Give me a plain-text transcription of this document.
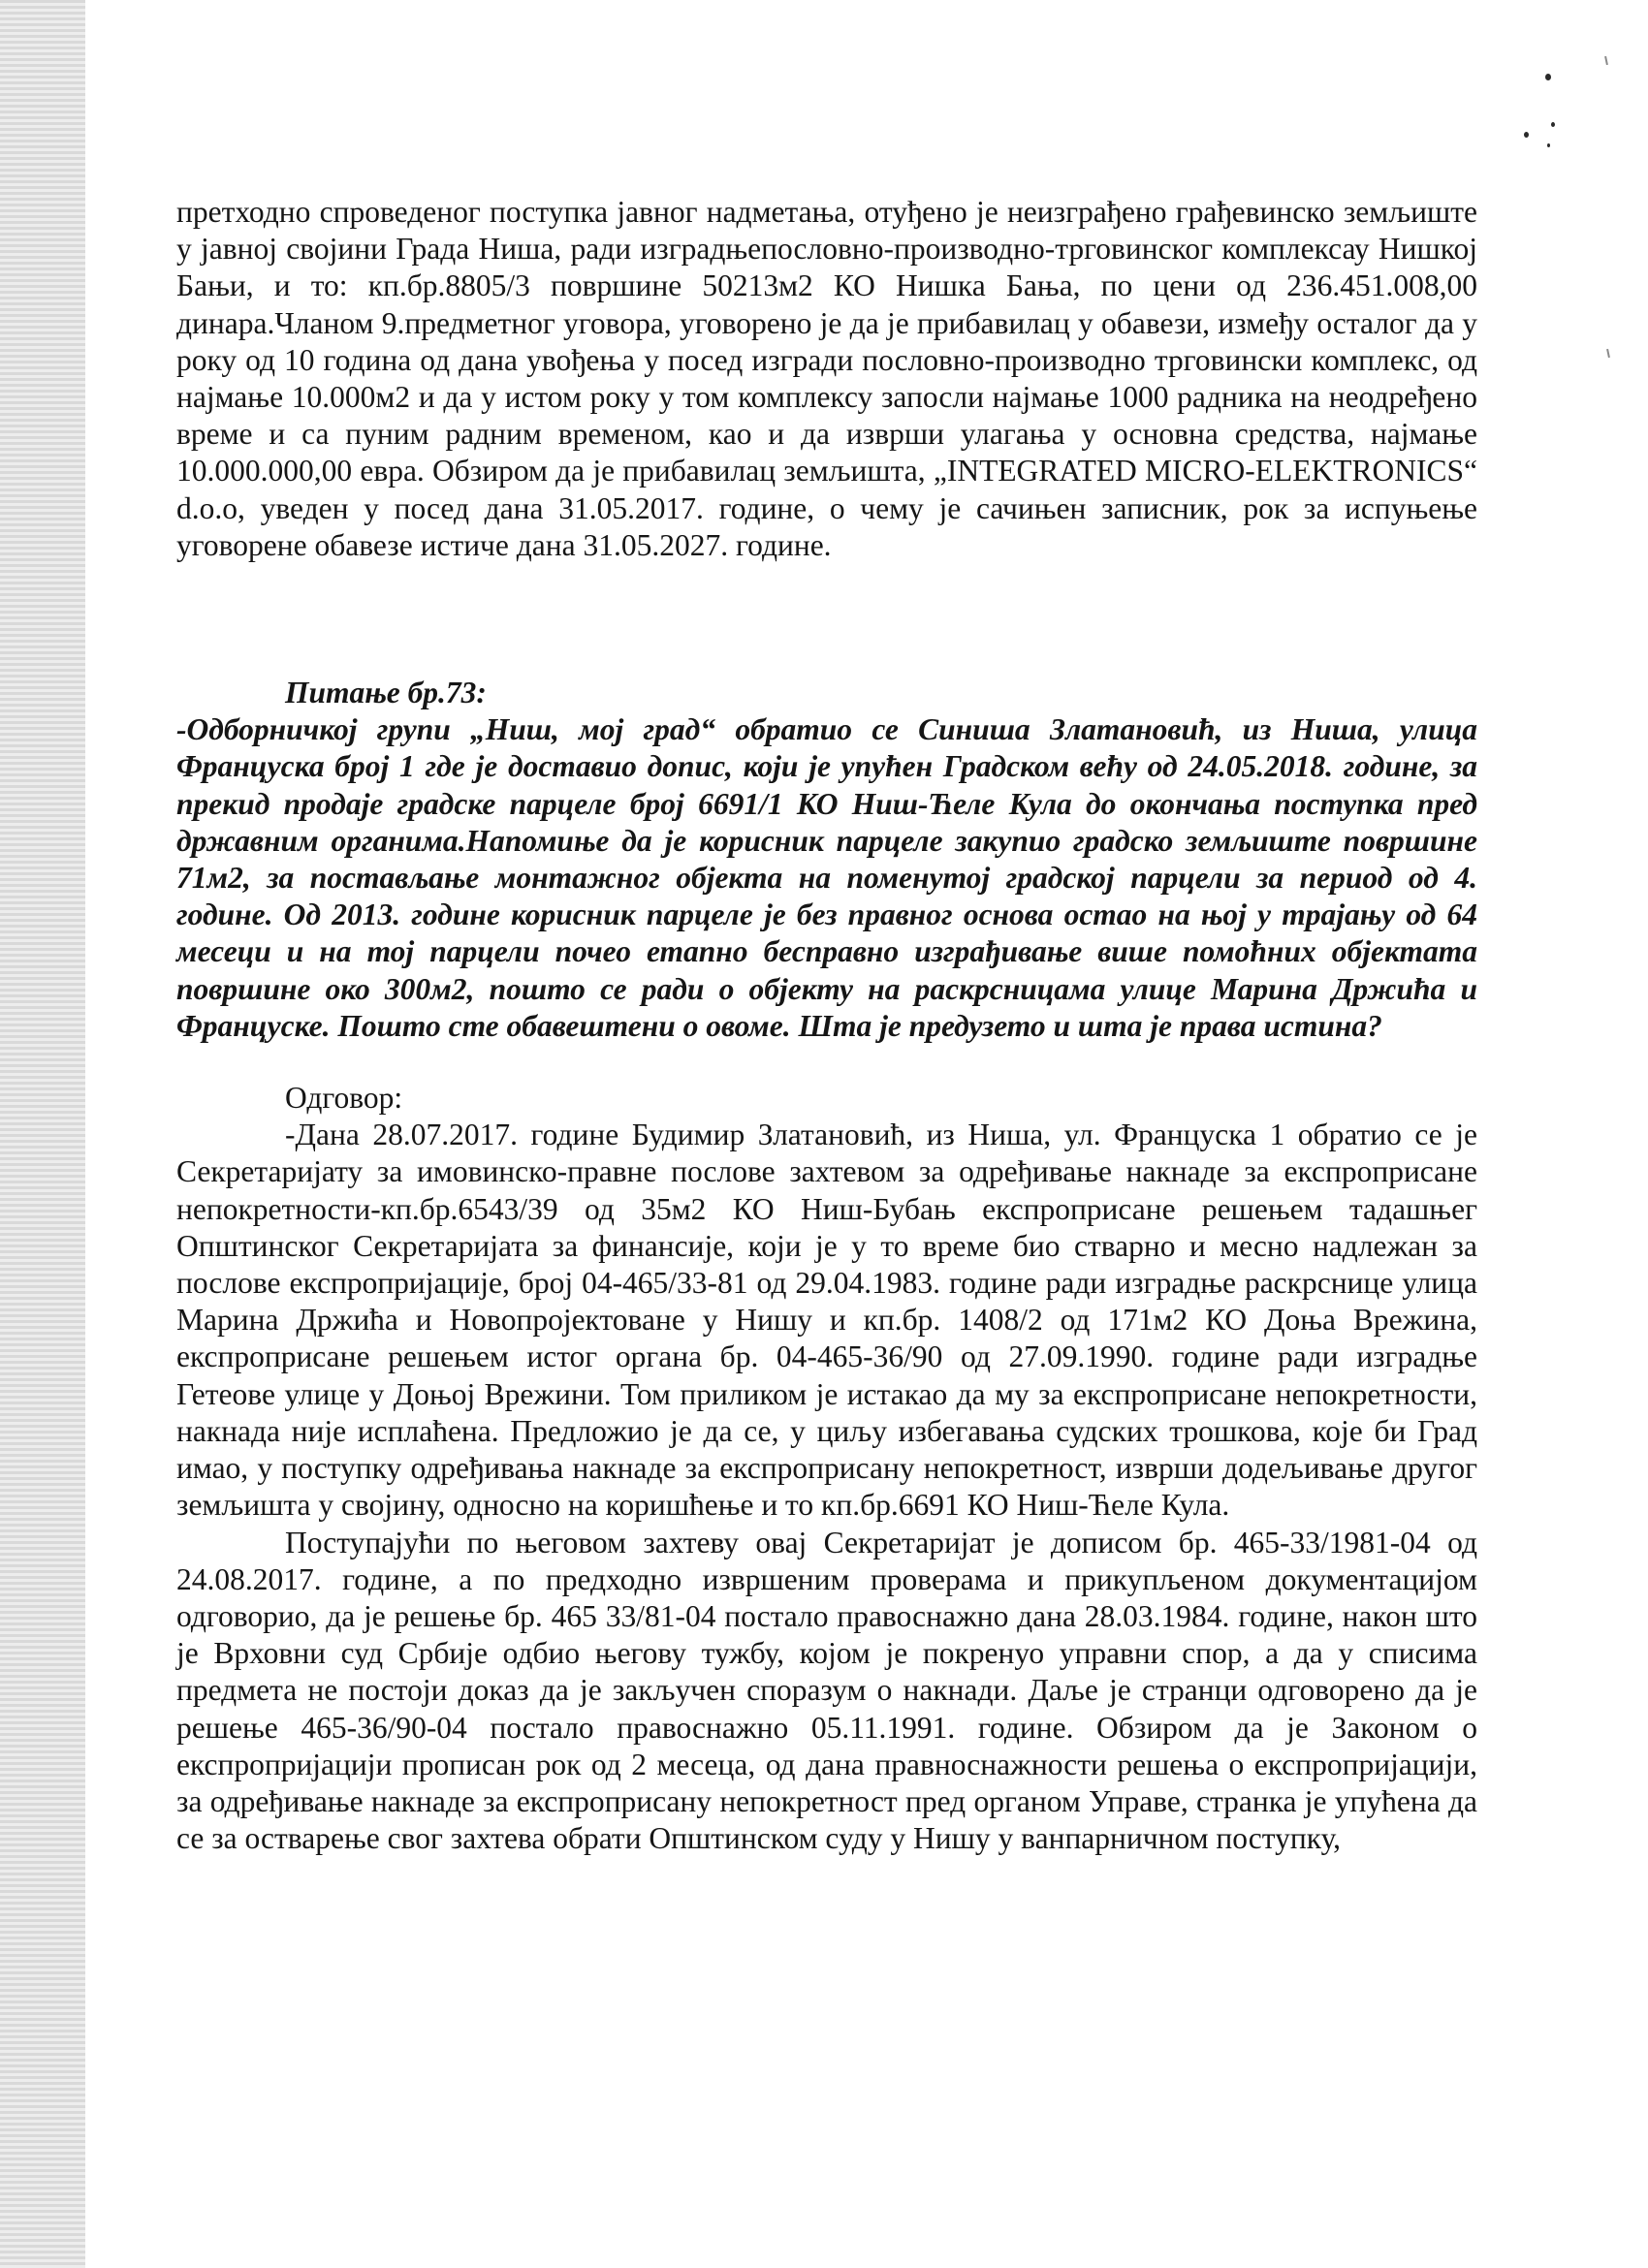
претходно спроведеног поступка јавног надметања, отуђено је неизграђено грађевинско земљиште у јавној својини Града Ниша, ради изградњепословно-производно-трговинског комплексау Нишкој Бањи, и то: кп.бр.8805/3 површине 50213м2 КО Нишка Бања, по цени од 236.451.008,00 динара.Чланом 9.предметног уговора, уговорено је да је прибавилац у обавези, између осталог да у року од 10 година од дана увођења у посед изгради пословно-производно трговински комплекс, од најмање 10.000м2 и да у истом року у том комплексу запосли најмање 1000 радника на неодређено време и са пуним радним временом, као и да изврши улагања у основна средства, најмање 10.000.000,00 евра. Обзиром да је прибавилац земљишта, „INTEGRATED MICRO-ELEKTRONICS“ d.o.o, уведен у посед дана 31.05.2017. године, о чему је сачињен записник, рок за испуњење уговорене обавезе истиче дана 31.05.2027. године.

Питање бр.73:

-Одборничкој групи „Ниш, мој град“ обратио се Синиша Златановић, из Ниша, улица Француска број 1 где је доставио допис, који је упућен Градском већу од 24.05.2018. године, за прекид продаје градске парцеле број 6691/1 КО Ниш-Ћеле Кула до окончања поступка пред државним органима.Напомиње да је корисник парцеле закупио градско земљиште површине 71м2, за постављање монтажног објекта на поменутој градској парцели за период од 4. године. Од 2013. године корисник парцеле је без правног основа остао на њој у трајању од 64 месеци и на тој парцели почео етапно бесправно изграђивање више помоћних објектата површине око 300м2, пошто се ради о објекту на раскрсницама улице Марина Држића и Француске. Пошто сте обавештени о овоме. Шта је предузето и шта је права истина?

Одговор:

-Дана 28.07.2017. године Будимир Златановић, из Ниша, ул. Француска 1 обратио се је Секретаријату за имовинско-правне послове захтевом за одређивање накнаде за експроприсане непокретности-кп.бр.6543/39 од 35м2 КО Ниш-Бубањ експроприсане решењем тадашњег Општинског Секретаријата за финансије, који је у то време био стварно и месно надлежан за послове експропријације, број 04-465/33-81 од 29.04.1983. године ради изградње раскрснице улица Марина Држића и Новопројектоване у Нишу и кп.бр. 1408/2 од 171м2 КО Доња Врежина, експроприсане решењем истог органа бр. 04-465-36/90 од 27.09.1990. године ради изградње Гетеове улице у Доњој Врежини. Том приликом је истакао да му за експроприсане непокретности, накнада није исплаћена. Предложио је да се, у циљу избегавања судских трошкова, које би Град имао, у поступку одређивања накнаде за експроприсану непокретност, изврши додељивање другог земљишта у својину, односно на коришћење и то кп.бр.6691 КО Ниш-Ћеле Кула.

Поступајући по његовом захтеву овај Секретаријат је дописом бр. 465-33/1981-04 од 24.08.2017. године, а по предходно извршеним проверама и прикупљеном документацијом одговорио, да је решење бр. 465 33/81-04 постало правоснажно дана 28.03.1984. године, након што је Врховни суд Србије одбио његову тужбу, којом је покренуо управни спор, а да у списима предмета не постоји доказ да је закључен споразум о накнади. Даље је странци одговорено да је решење 465-36/90-04 постало правоснажно 05.11.1991. године. Обзиром да је Законом о експропријацији прописан рок од 2 месеца, од дана правноснажности решења о експропријацији, за одређивање накнаде за експроприсану непокретност пред органом Управе, странка је упућена да се за остварење свог захтева обрати Општинском суду у Нишу у ванпарничном поступку,
